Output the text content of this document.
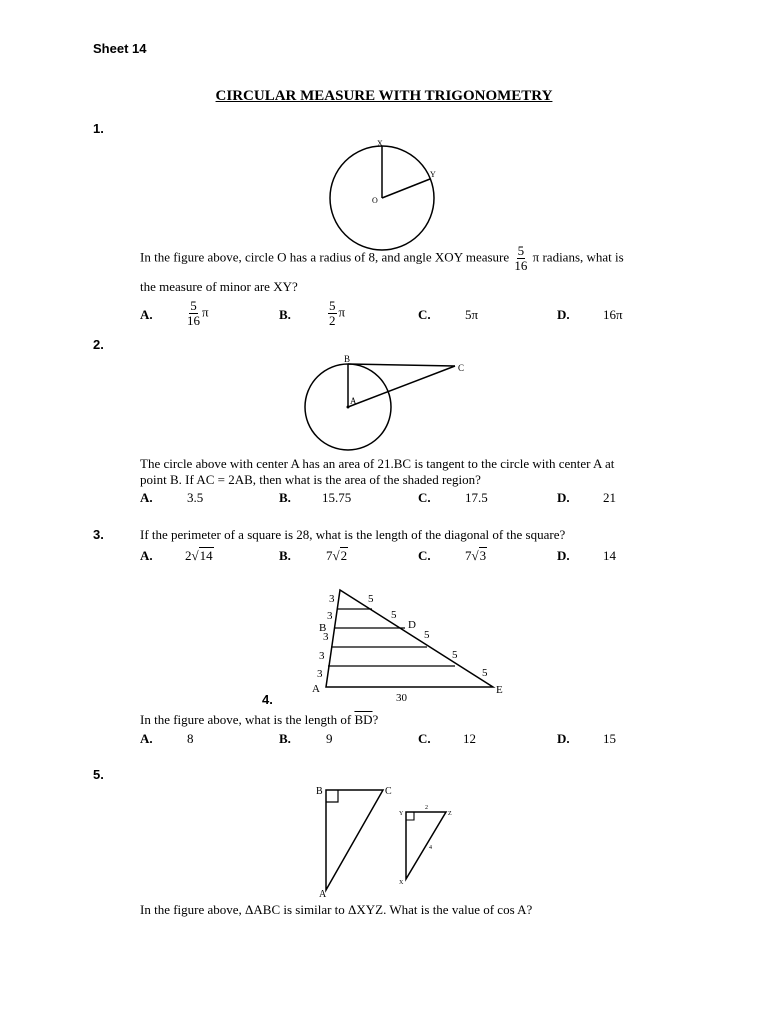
Sheet 14
CIRCULAR MEASURE WITH TRIGONOMETRY
1.
X
Y
O
In the figure above, circle O has a radius of 8, and angle XOY measure $\frac{5}{16}$ π radians, what is
the measure of minor are XY?
A.	$\frac{5}{16}$ π	B.	$\frac{5}{2}$ π	C.	5π	D.	16π
2.
B
C
A
The circle above with center A has an area of 21.BC is tangent to the circle with center A at
point B. If AC = 2AB, then what is the area of the shaded region?
A.	3.5	B. 15.75	C.	17.5	D.	21
3.	If the perimeter of a square is 28, what is the length of the diagonal of the square?
A. 2√14	B.	7√2	C.	7√3	D.	14
3
3
B
3
3
3
A
5
5
D
5
5
5
E
30
4.
In the figure above, what is the length of $\overline{BD}$?
A.	8	B.	9	C. 12	D.	15
5.
B	C
A
Y	Z
X
2
4
In the figure above, ΔABC is similar to ΔXYZ. What is the value of cos A?
